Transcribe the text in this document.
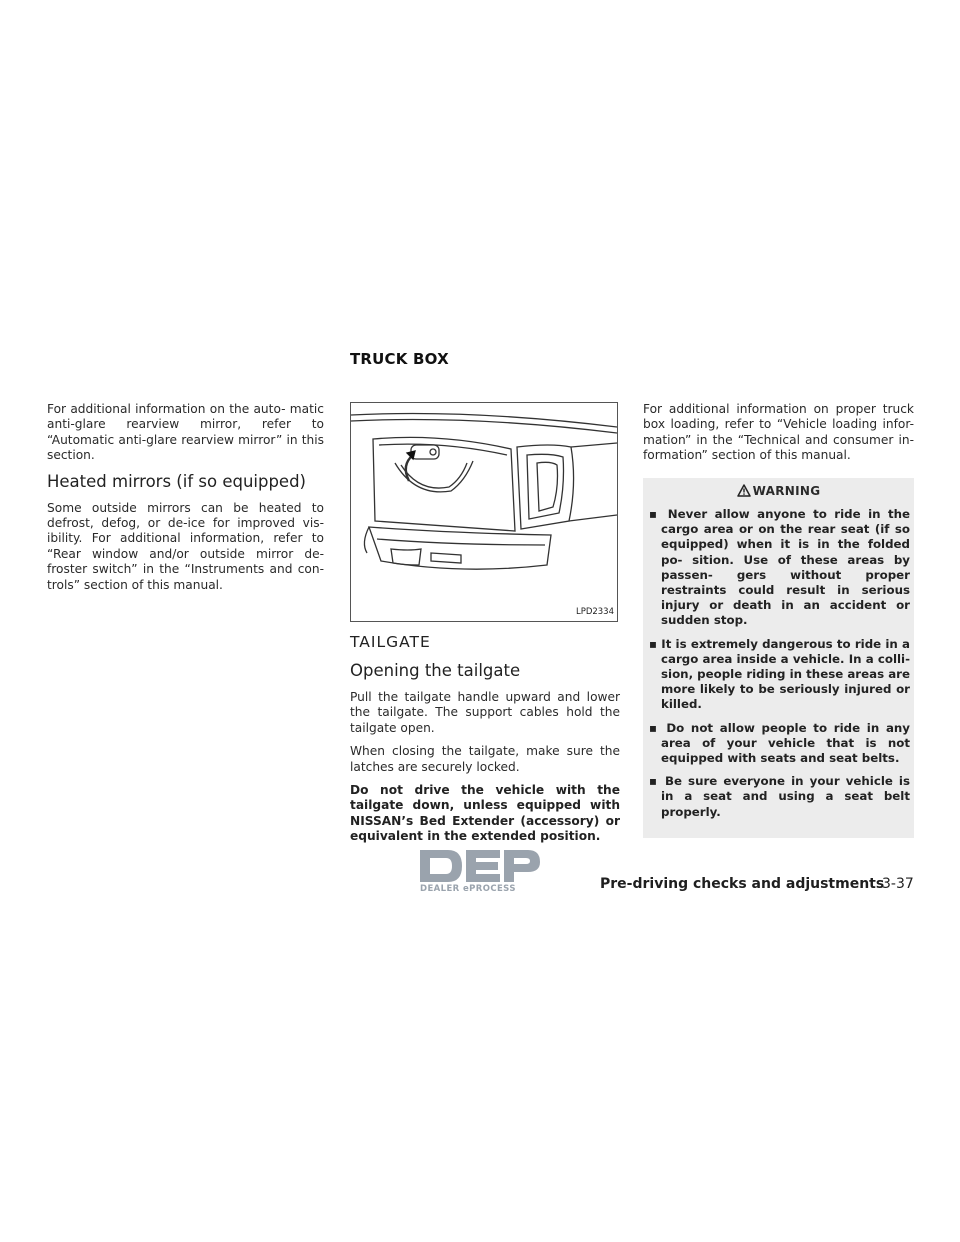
TRUCK BOX

For additional information on the auto- matic anti-glare rearview mirror, refer to “Automatic anti-glare rearview mirror” in this section.

Heated mirrors (if so equipped)

Some outside mirrors can be heated to defrost, defog, or de-ice for improved vis- ibility. For additional information, refer to “Rear window and/or outside mirror de- froster switch” in the “Instruments and con- trols” section of this manual.

LPD2334
TAILGATE
Opening the tailgate

Pull the tailgate handle upward and lower the tailgate. The support cables hold the tailgate open.

When closing the tailgate, make sure the latches are securely locked.

Do not drive the vehicle with the tailgate down, unless equipped with NISSAN’s Bed Extender (accessory) or equivalent in the extended position.

For additional information on proper truck box loading, refer to “Vehicle loading infor- mation” in the “Technical and consumer in- formation” section of this manual.

WARNING
▪ Never allow anyone to ride in the cargo area or on the rear seat (if so equipped) when it is in the folded po- sition. Use of these areas by passen- gers without proper restraints could result in serious injury or death in an accident or sudden stop.
▪ It is extremely dangerous to ride in a cargo area inside a vehicle. In a colli- sion, people riding in these areas are more likely to be seriously injured or killed.
▪ Do not allow people to ride in any area of your vehicle that is not equipped with seats and seat belts.
▪ Be sure everyone in your vehicle is in a seat and using a seat belt properly.
DEALER ePROCESS	Pre-driving checks and adjustments
3-37
